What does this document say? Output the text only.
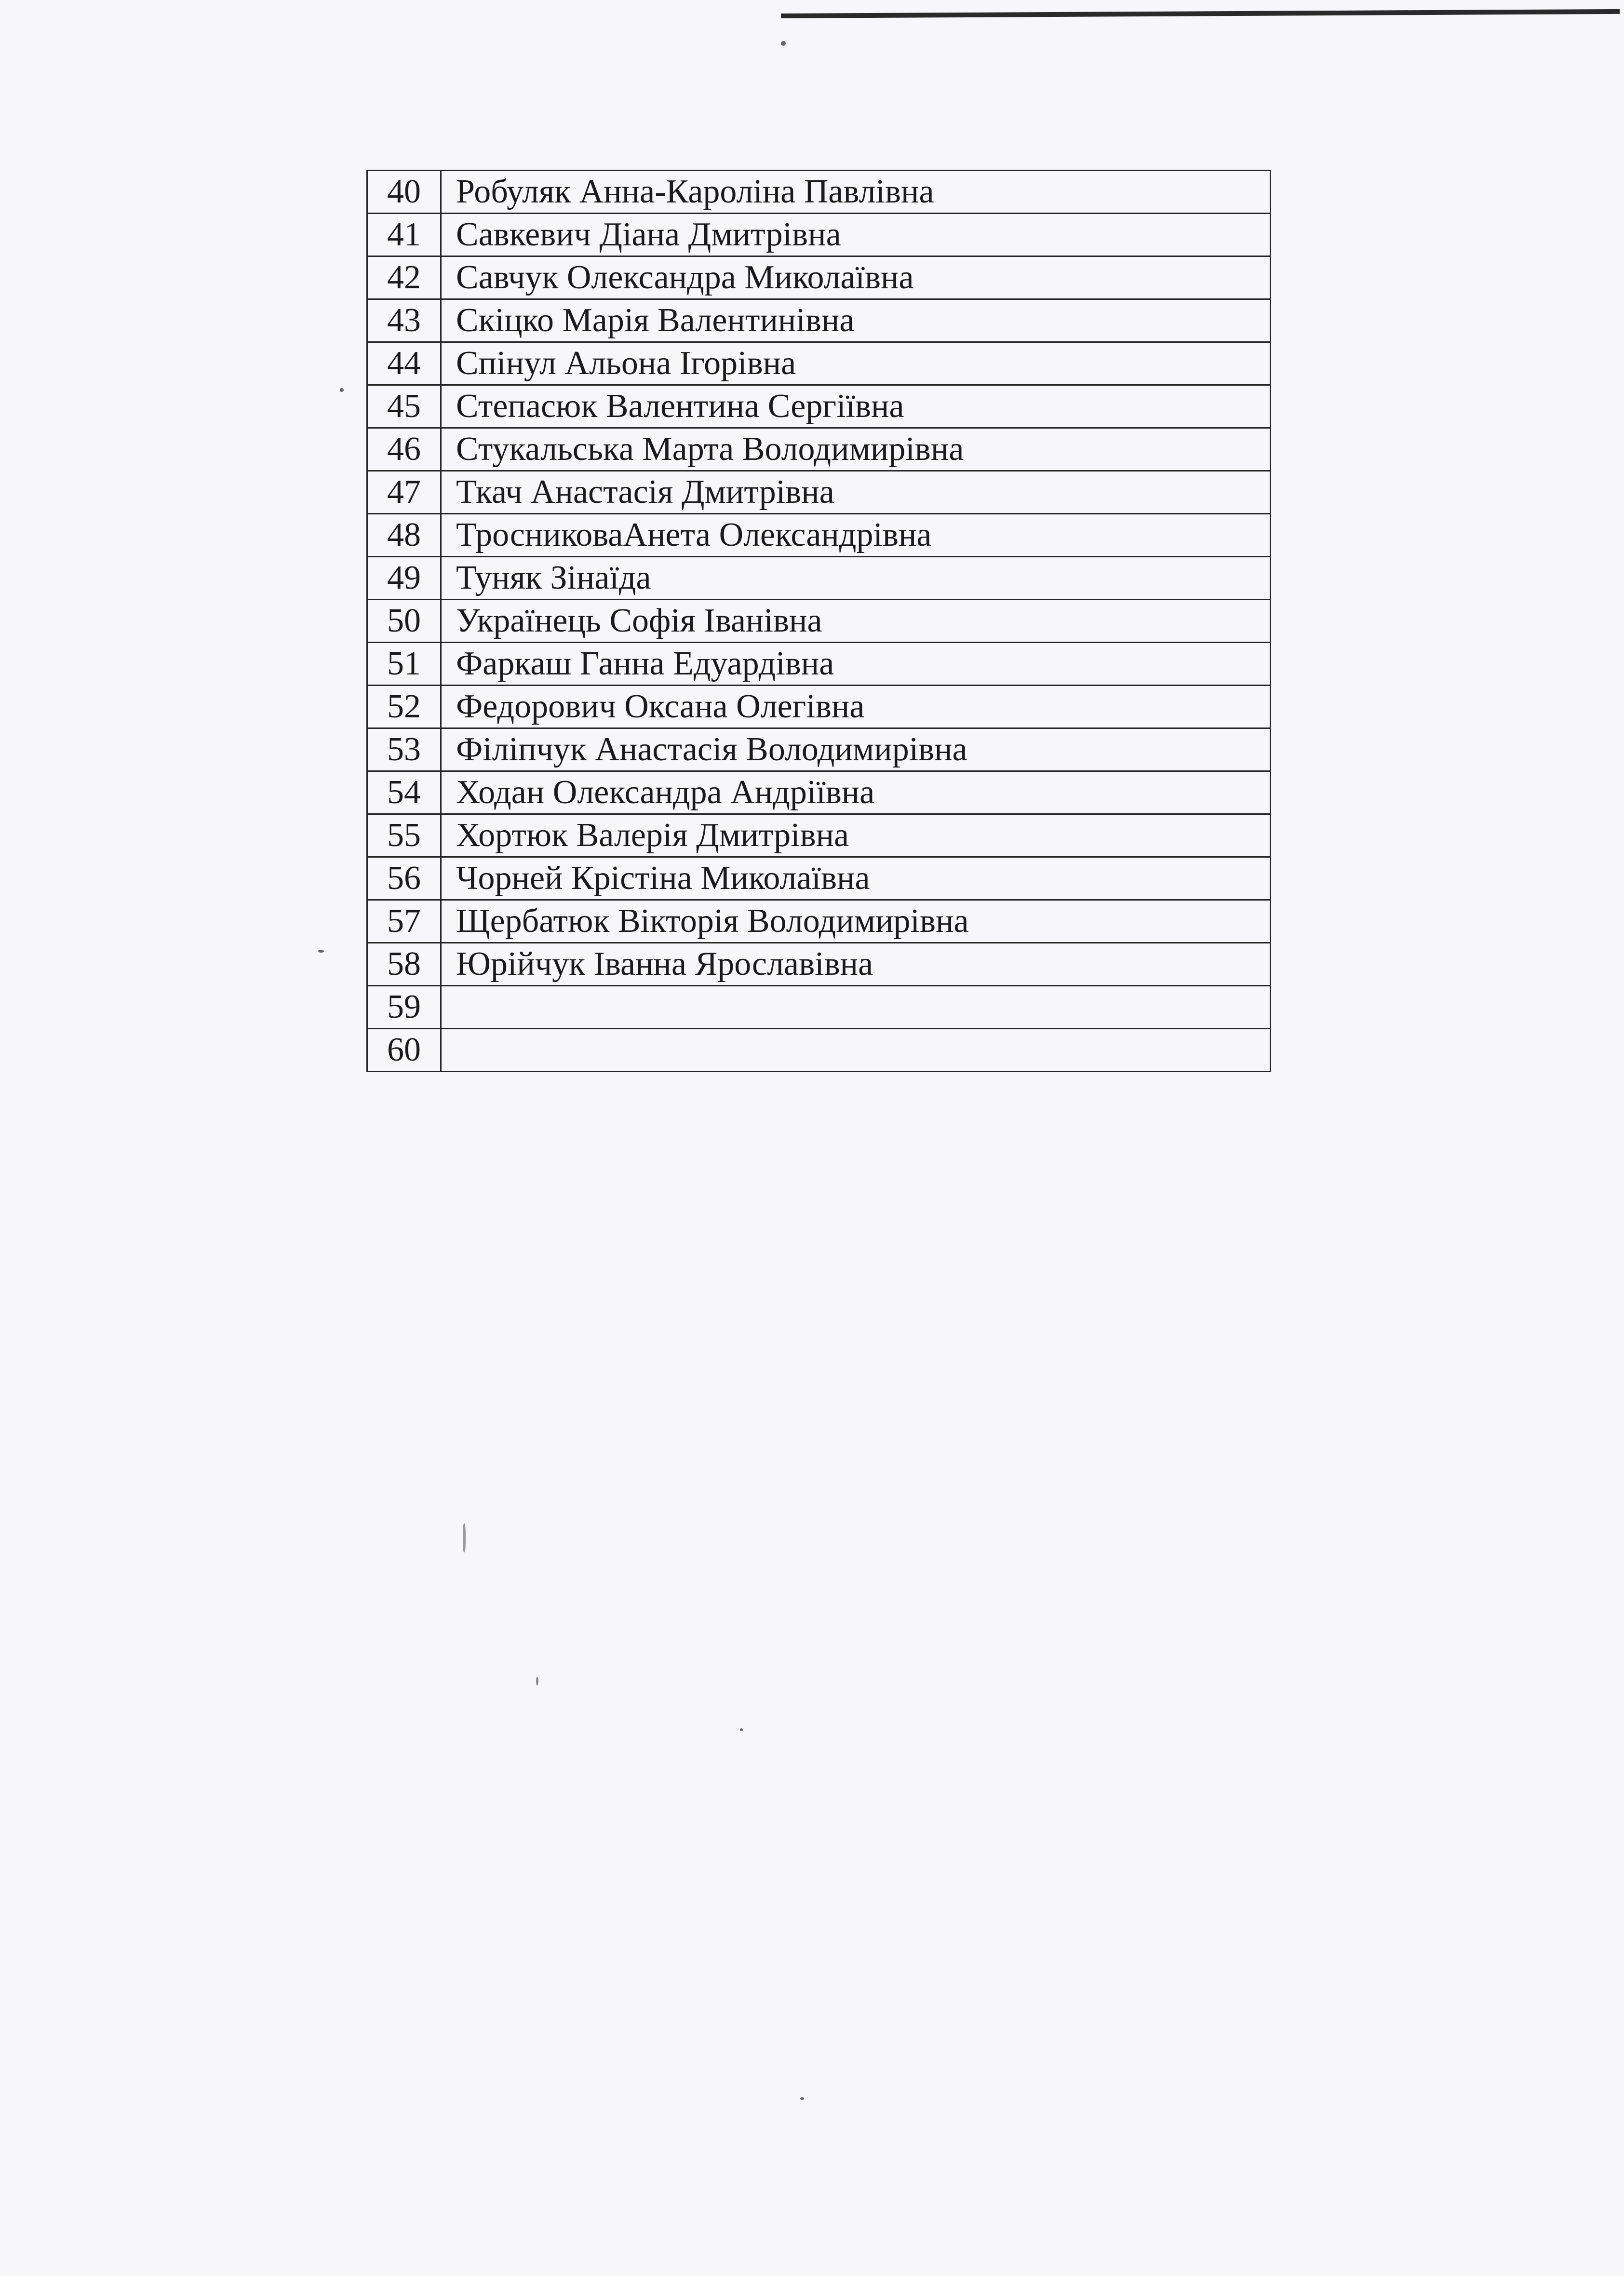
40	Робуляк Анна-Кароліна Павлівна
41	Савкевич Діана Дмитрівна
42	Савчук Олександра Миколаївна
43	Скіцко Марія Валентинівна
44	Спінул Альона Ігорівна
45	Степасюк Валентина Сергіївна
46	Стукальська Марта Володимирівна
47	Ткач Анастасія Дмитрівна
48	ТросниковаАнета Олександрівна
49	Туняк Зінаїда
50	Українець Софія Іванівна
51	Фаркаш Ганна Едуардівна
52	Федорович Оксана Олегівна
53	Філіпчук Анастасія Володимирівна
54	Ходан Олександра Андріївна
55	Хортюк Валерія Дмитрівна
56	Чорней Крістіна Миколаївна
57	Щербатюк Вікторія Володимирівна
58	Юрійчук Іванна Ярославівна
59	
60	
